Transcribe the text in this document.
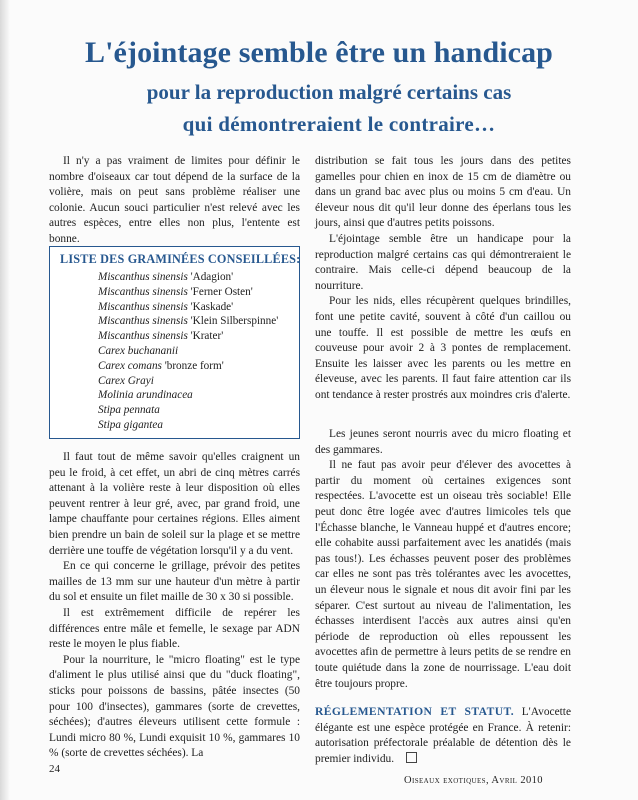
L'éjointage semble être un handicap
pour la reproduction malgré certains cas
qui démontreraient le contraire…

Il n'y a pas vraiment de limites pour définir le nombre d'oiseaux car tout dépend de la surface de la volière, mais on peut sans problème réaliser une colonie. Aucun souci particulier n'est relevé avec les autres espèces, entre elles non plus, l'entente est bonne.

LISTE DES GRAMINÉES CONSEILLÉES:
Miscanthus sinensis 'Adagion'
Miscanthus sinensis 'Ferner Osten'
Miscanthus sinensis 'Kaskade'
Miscanthus sinensis 'Klein Silberspinne'
Miscanthus sinensis 'Krater'
Carex buchananii
Carex comans 'bronze form'
Carex Grayi
Molinia arundinacea
Stipa pennata
Stipa gigantea

Il faut tout de même savoir qu'elles craignent un peu le froid, à cet effet, un abri de cinq mètres carrés attenant à la volière reste à leur disposition où elles peuvent rentrer à leur gré, avec, par grand froid, une lampe chauffante pour certaines régions. Elles aiment bien prendre un bain de soleil sur la plage et se mettre derrière une touffe de végétation lorsqu'il y a du vent.

En ce qui concerne le grillage, prévoir des petites mailles de 13 mm sur une hauteur d'un mètre à partir du sol et ensuite un filet maille de 30 x 30 si possible.

Il est extrêmement difficile de repérer les différences entre mâle et femelle, le sexage par ADN reste le moyen le plus fiable.

Pour la nourriture, le "micro floating" est le type d'aliment le plus utilisé ainsi que du "duck floating", sticks pour poissons de bassins, pâtée insectes (50 pour 100 d'insectes), gammares (sorte de crevettes, séchées); d'autres éleveurs utilisent cette formule : Lundi micro 80 %, Lundi exquisit 10 %, gammares 10 % (sorte de crevettes séchées). La

distribution se fait tous les jours dans des petites gamelles pour chien en inox de 15 cm de diamètre ou dans un grand bac avec plus ou moins 5 cm d'eau. Un éleveur nous dit qu'il leur donne des éperlans tous les jours, ainsi que d'autres petits poissons.

L'éjointage semble être un handicape pour la reproduction malgré certains cas qui démontreraient le contraire. Mais celle-ci dépend beaucoup de la nourriture.

Pour les nids, elles récupèrent quelques brindilles, font une petite cavité, souvent à côté d'un caillou ou une touffe. Il est possible de mettre les œufs en couveuse pour avoir 2 à 3 pontes de remplacement. Ensuite les laisser avec les parents ou les mettre en éleveuse, avec les parents. Il faut faire attention car ils ont tendance à rester prostrés aux moindres cris d'alerte.

Les jeunes seront nourris avec du micro floating et des gammares.

Il ne faut pas avoir peur d'élever des avocettes à partir du moment où certaines exigences sont respectées. L'avocette est un oiseau très sociable! Elle peut donc être logée avec d'autres limicoles tels que l'Échasse blanche, le Vanneau huppé et d'autres encore; elle cohabite aussi parfaitement avec les anatidés (mais pas tous!). Les échasses peuvent poser des problèmes car elles ne sont pas très tolérantes avec les avocettes, un éleveur nous le signale et nous dit avoir fini par les séparer. C'est surtout au niveau de l'alimentation, les échasses interdisent l'accès aux autres ainsi qu'en période de reproduction où elles repoussent les avocettes afin de permettre à leurs petits de se rendre en toute quiétude dans la zone de nourrissage. L'eau doit être toujours propre.

RÉGLEMENTATION ET STATUT. L'Avocette élégante est une espèce protégée en France. À retenir: autorisation préfectorale préalable de détention dès le premier individu.

24
Oiseaux exotiques, Avril 2010
